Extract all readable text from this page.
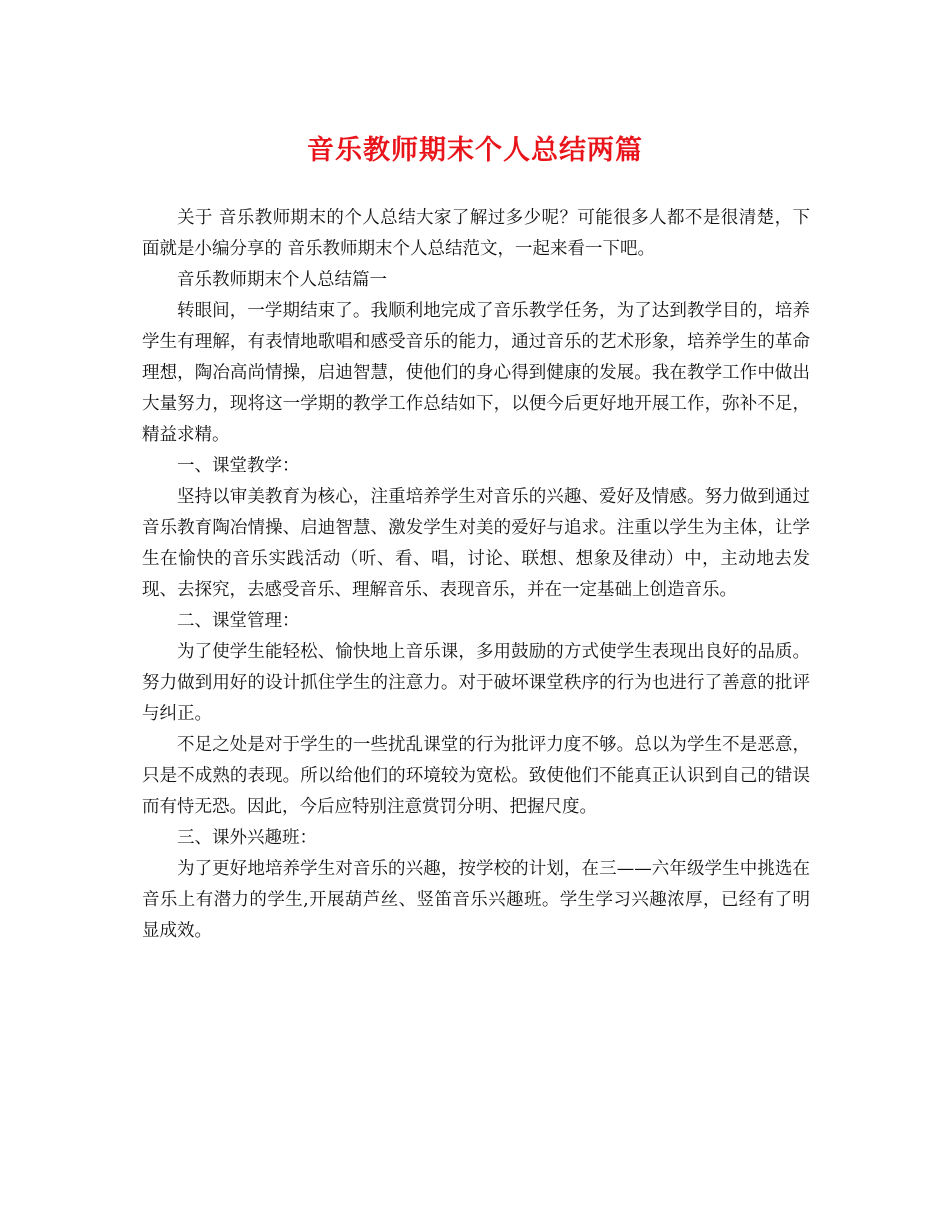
音乐教师期末个人总结两篇

关于 音乐教师期末的个人总结大家了解过多少呢？可能很多人都不是很清楚，下面就是小编分享的 音乐教师期末个人总结范文，一起来看一下吧。

音乐教师期末个人总结篇一

转眼间，一学期结束了。我顺利地完成了音乐教学任务，为了达到教学目的，培养学生有理解，有表情地歌唱和感受音乐的能力，通过音乐的艺术形象，培养学生的革命理想，陶冶高尚情操，启迪智慧，使他们的身心得到健康的发展。我在教学工作中做出大量努力，现将这一学期的教学工作总结如下，以便今后更好地开展工作，弥补不足，精益求精。

一、课堂教学：

坚持以审美教育为核心，注重培养学生对音乐的兴趣、爱好及情感。努力做到通过音乐教育陶冶情操、启迪智慧、激发学生对美的爱好与追求。注重以学生为主体，让学生在愉快的音乐实践活动（听、看、唱，讨论、联想、想象及律动）中，主动地去发现、去探究，去感受音乐、理解音乐、表现音乐，并在一定基础上创造音乐。

二、课堂管理：

为了使学生能轻松、愉快地上音乐课，多用鼓励的方式使学生表现出良好的品质。努力做到用好的设计抓住学生的注意力。对于破坏课堂秩序的行为也进行了善意的批评与纠正。

不足之处是对于学生的一些扰乱课堂的行为批评力度不够。总以为学生不是恶意，只是不成熟的表现。所以给他们的环境较为宽松。致使他们不能真正认识到自己的错误而有恃无恐。因此，今后应特别注意赏罚分明、把握尺度。

三、课外兴趣班：

为了更好地培养学生对音乐的兴趣，按学校的计划，在三——六年级学生中挑选在音乐上有潜力的学生,开展葫芦丝、竖笛音乐兴趣班。学生学习兴趣浓厚，已经有了明显成效。
